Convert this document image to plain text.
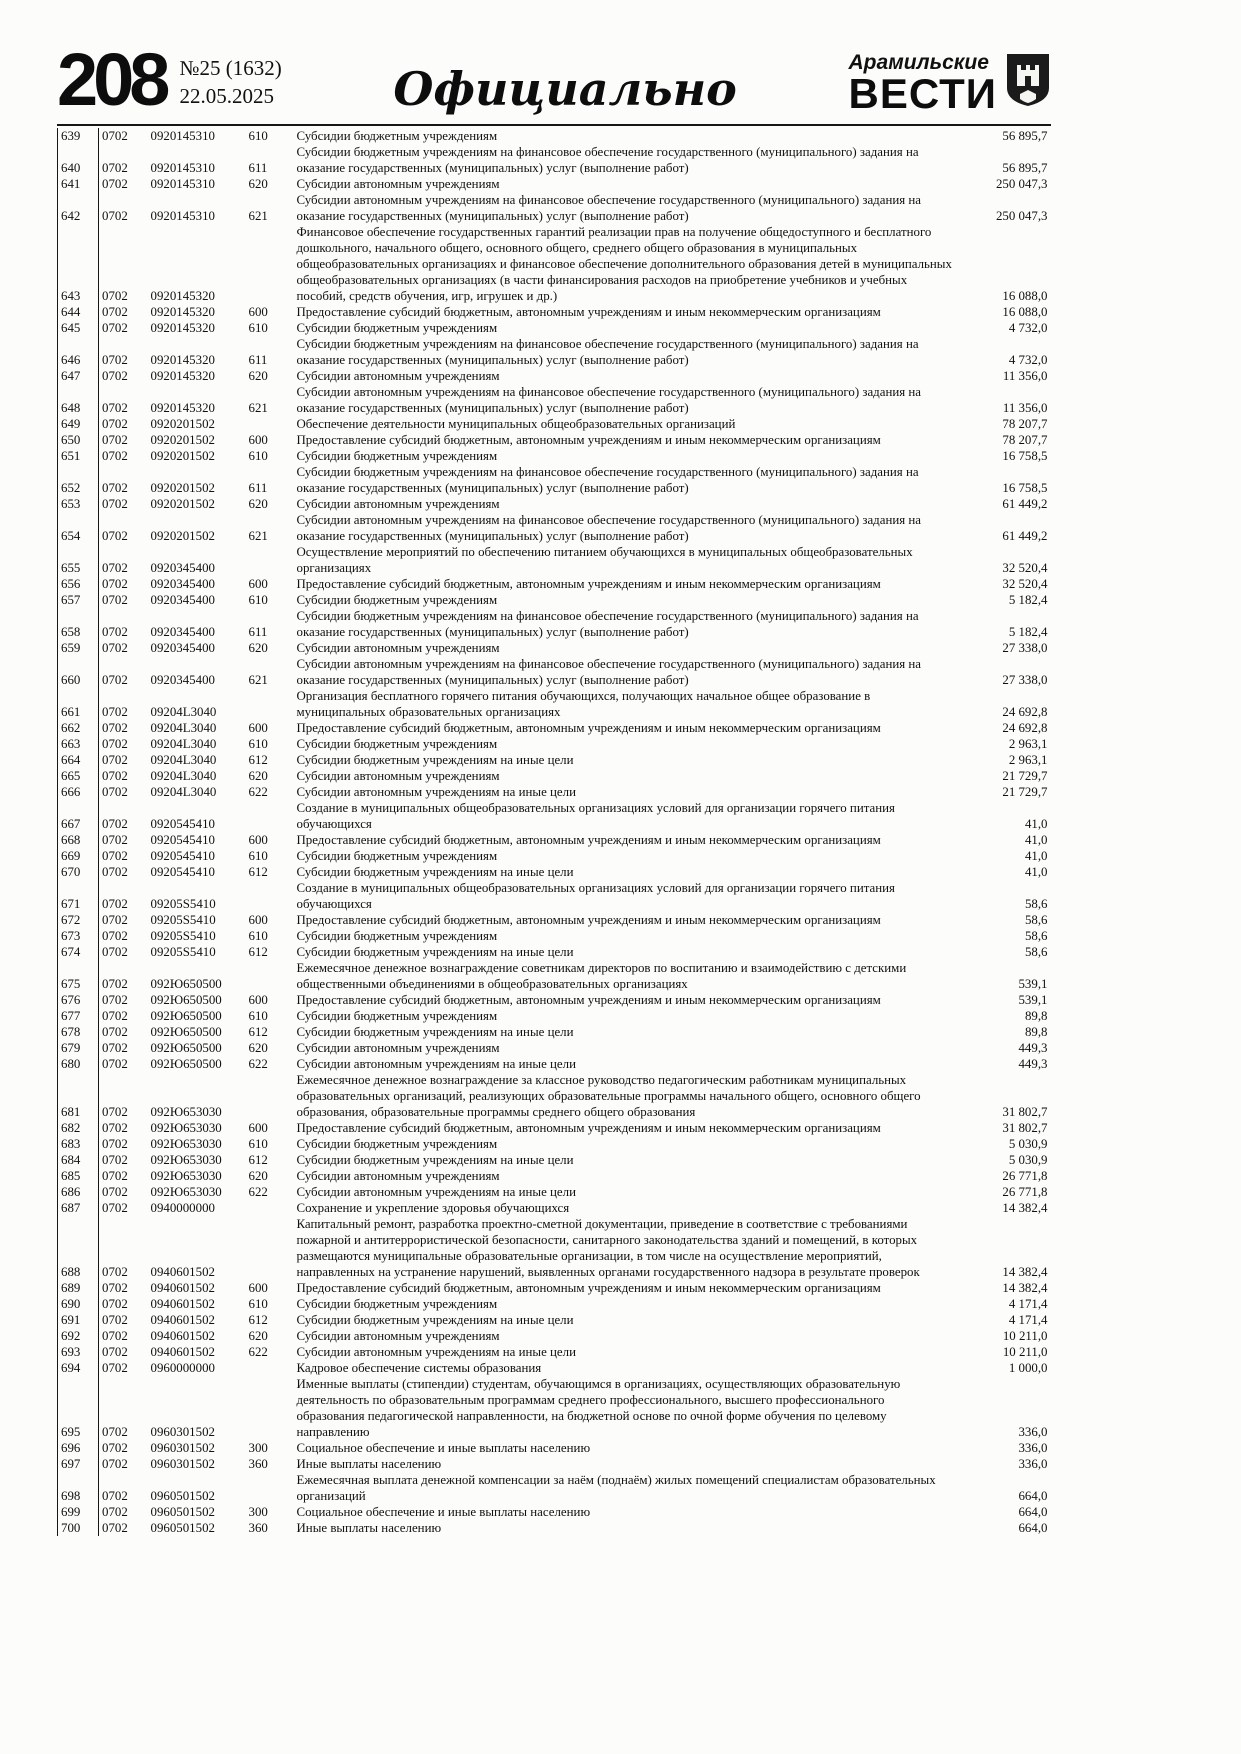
208 №25 (1632)
22.05.2025	Официально	Арамильские
ВЕСТИ
639	0702	0920145310	610	Субсидии бюджетным учреждениям	56 895,7
640	0702	0920145310	611	Субсидии бюджетным учреждениям на финансовое обеспечение государственного (муниципального) задания на оказание государственных (муниципальных) услуг (выполнение работ)	56 895,7
641	0702	0920145310	620	Субсидии автономным учреждениям	250 047,3
642	0702	0920145310	621	Субсидии автономным учреждениям на финансовое обеспечение государственного (муниципального) задания на оказание государственных (муниципальных) услуг (выполнение работ)	250 047,3
643	0702	0920145320		Финансовое обеспечение государственных гарантий реализации прав на получение общедоступного и бесплатного дошкольного, начального общего, основного общего, среднего общего образования в муниципальных общеобразовательных организациях и финансовое обеспечение дополнительного образования детей в муниципальных общеобразовательных организациях (в части финансирования расходов на приобретение учебников и учебных пособий, средств обучения, игр, игрушек и др.)	16 088,0
644	0702	0920145320	600	Предоставление субсидий бюджетным, автономным учреждениям и иным некоммерческим организациям	16 088,0
645	0702	0920145320	610	Субсидии бюджетным учреждениям	4 732,0
646	0702	0920145320	611	Субсидии бюджетным учреждениям на финансовое обеспечение государственного (муниципального) задания на оказание государственных (муниципальных) услуг (выполнение работ)	4 732,0
647	0702	0920145320	620	Субсидии автономным учреждениям	11 356,0
648	0702	0920145320	621	Субсидии автономным учреждениям на финансовое обеспечение государственного (муниципального) задания на оказание государственных (муниципальных) услуг (выполнение работ)	11 356,0
649	0702	0920201502		Обеспечение деятельности муниципальных общеобразовательных организаций	78 207,7
650	0702	0920201502	600	Предоставление субсидий бюджетным, автономным учреждениям и иным некоммерческим организациям	78 207,7
651	0702	0920201502	610	Субсидии бюджетным учреждениям	16 758,5
652	0702	0920201502	611	Субсидии бюджетным учреждениям на финансовое обеспечение государственного (муниципального) задания на оказание государственных (муниципальных) услуг (выполнение работ)	16 758,5
653	0702	0920201502	620	Субсидии автономным учреждениям	61 449,2
654	0702	0920201502	621	Субсидии автономным учреждениям на финансовое обеспечение государственного (муниципального) задания на оказание государственных (муниципальных) услуг (выполнение работ)	61 449,2
655	0702	0920345400		Осуществление мероприятий по обеспечению питанием обучающихся в муниципальных общеобразовательных организациях	32 520,4
656	0702	0920345400	600	Предоставление субсидий бюджетным, автономным учреждениям и иным некоммерческим организациям	32 520,4
657	0702	0920345400	610	Субсидии бюджетным учреждениям	5 182,4
658	0702	0920345400	611	Субсидии бюджетным учреждениям на финансовое обеспечение государственного (муниципального) задания на оказание государственных (муниципальных) услуг (выполнение работ)	5 182,4
659	0702	0920345400	620	Субсидии автономным учреждениям	27 338,0
660	0702	0920345400	621	Субсидии автономным учреждениям на финансовое обеспечение государственного (муниципального) задания на оказание государственных (муниципальных) услуг (выполнение работ)	27 338,0
661	0702	09204L3040		Организация бесплатного горячего питания обучающихся, получающих начальное общее образование в муниципальных образовательных организациях	24 692,8
662	0702	09204L3040	600	Предоставление субсидий бюджетным, автономным учреждениям и иным некоммерческим организациям	24 692,8
663	0702	09204L3040	610	Субсидии бюджетным учреждениям	2 963,1
664	0702	09204L3040	612	Субсидии бюджетным учреждениям на иные цели	2 963,1
665	0702	09204L3040	620	Субсидии автономным учреждениям	21 729,7
666	0702	09204L3040	622	Субсидии автономным учреждениям на иные цели	21 729,7
667	0702	0920545410		Создание в муниципальных общеобразовательных организациях условий для организации горячего питания обучающихся	41,0
668	0702	0920545410	600	Предоставление субсидий бюджетным, автономным учреждениям и иным некоммерческим организациям	41,0
669	0702	0920545410	610	Субсидии бюджетным учреждениям	41,0
670	0702	0920545410	612	Субсидии бюджетным учреждениям на иные цели	41,0
671	0702	09205S5410		Создание в муниципальных общеобразовательных организациях условий для организации горячего питания обучающихся	58,6
672	0702	09205S5410	600	Предоставление субсидий бюджетным, автономным учреждениям и иным некоммерческим организациям	58,6
673	0702	09205S5410	610	Субсидии бюджетным учреждениям	58,6
674	0702	09205S5410	612	Субсидии бюджетным учреждениям на иные цели	58,6
675	0702	092Ю650500		Ежемесячное денежное вознаграждение советникам директоров по воспитанию и взаимодействию с детскими общественными объединениями в общеобразовательных организациях	539,1
676	0702	092Ю650500	600	Предоставление субсидий бюджетным, автономным учреждениям и иным некоммерческим организациям	539,1
677	0702	092Ю650500	610	Субсидии бюджетным учреждениям	89,8
678	0702	092Ю650500	612	Субсидии бюджетным учреждениям на иные цели	89,8
679	0702	092Ю650500	620	Субсидии автономным учреждениям	449,3
680	0702	092Ю650500	622	Субсидии автономным учреждениям на иные цели	449,3
681	0702	092Ю653030		Ежемесячное денежное вознаграждение за классное руководство педагогическим работникам муниципальных образовательных организаций, реализующих образовательные программы начального общего, основного общего образования, образовательные программы среднего общего образования	31 802,7
682	0702	092Ю653030	600	Предоставление субсидий бюджетным, автономным учреждениям и иным некоммерческим организациям	31 802,7
683	0702	092Ю653030	610	Субсидии бюджетным учреждениям	5 030,9
684	0702	092Ю653030	612	Субсидии бюджетным учреждениям на иные цели	5 030,9
685	0702	092Ю653030	620	Субсидии автономным учреждениям	26 771,8
686	0702	092Ю653030	622	Субсидии автономным учреждениям на иные цели	26 771,8
687	0702	0940000000		Сохранение и укрепление здоровья обучающихся	14 382,4
688	0702	0940601502		Капитальный ремонт, разработка проектно-сметной документации, приведение в соответствие с требованиями пожарной и антитеррористической безопасности, санитарного законодательства зданий и помещений, в которых размещаются муниципальные образовательные организации, в том числе на осуществление мероприятий, направленных на устранение нарушений, выявленных органами государственного надзора в результате проверок	14 382,4
689	0702	0940601502	600	Предоставление субсидий бюджетным, автономным учреждениям и иным некоммерческим организациям	14 382,4
690	0702	0940601502	610	Субсидии бюджетным учреждениям	4 171,4
691	0702	0940601502	612	Субсидии бюджетным учреждениям на иные цели	4 171,4
692	0702	0940601502	620	Субсидии автономным учреждениям	10 211,0
693	0702	0940601502	622	Субсидии автономным учреждениям на иные цели	10 211,0
694	0702	0960000000		Кадровое обеспечение системы образования	1 000,0
695	0702	0960301502		Именные выплаты (стипендии) студентам, обучающимся в организациях, осуществляющих образовательную деятельность по образовательным программам среднего профессионального, высшего профессионального образования педагогической направленности, на бюджетной основе по очной форме обучения по целевому направлению	336,0
696	0702	0960301502	300	Социальное обеспечение и иные выплаты населению	336,0
697	0702	0960301502	360	Иные выплаты населению	336,0
698	0702	0960501502		Ежемесячная выплата денежной компенсации за наём (поднаём) жилых помещений специалистам образовательных организаций	664,0
699	0702	0960501502	300	Социальное обеспечение и иные выплаты населению	664,0
700	0702	0960501502	360	Иные выплаты населению	664,0
